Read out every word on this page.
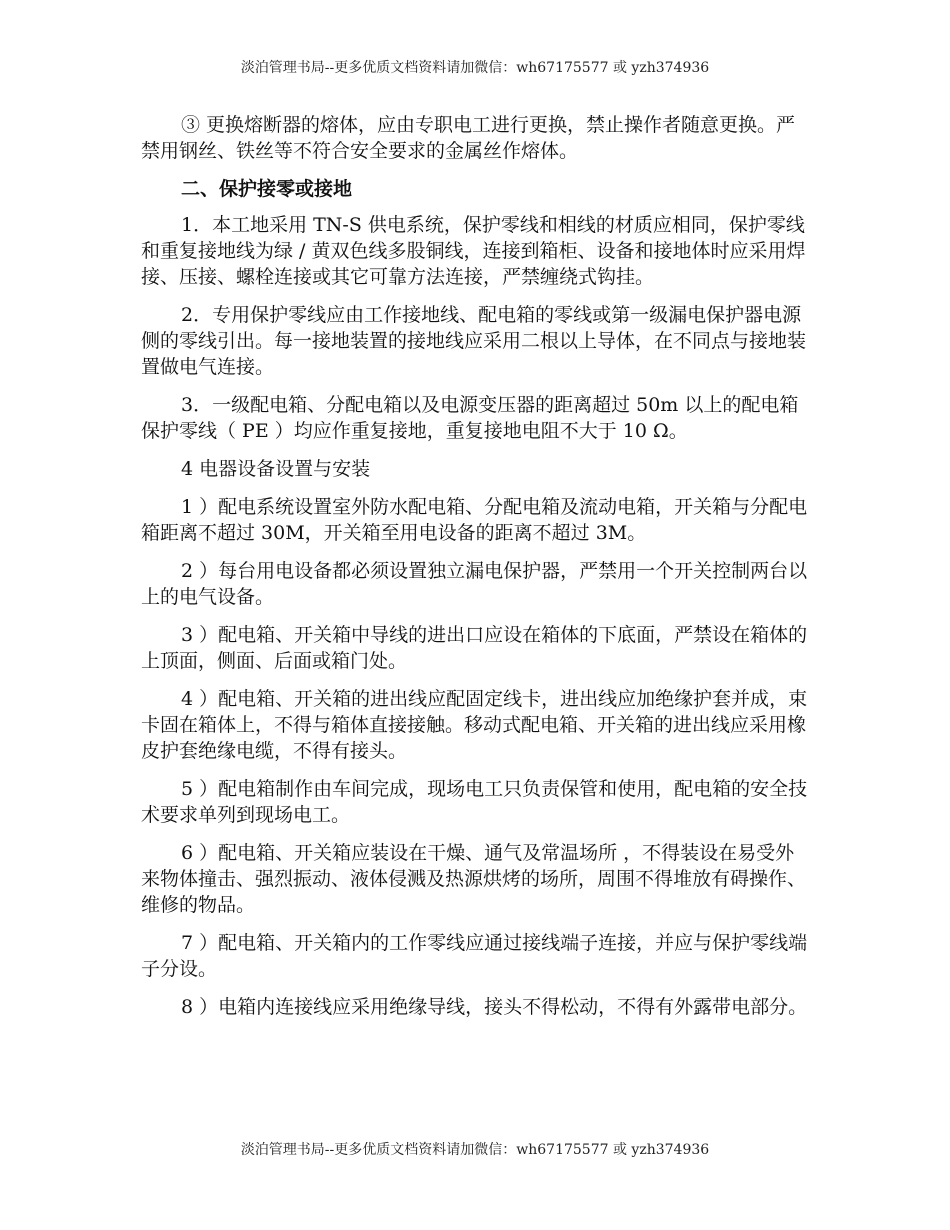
淡泊管理书局--更多优质文档资料请加微信：wh67175577 或 yzh374936

③ 更换熔断器的熔体，应由专职电工进行更换，禁止操作者随意更换。严禁用钢丝、铁丝等不符合安全要求的金属丝作熔体。

二、保护接零或接地

1．本工地采用 TN-S 供电系统，保护零线和相线的材质应相同，保护零线和重复接地线为绿 / 黄双色线多股铜线，连接到箱柜、设备和接地体时应采用焊接、压接、螺栓连接或其它可靠方法连接，严禁缠绕式钩挂。

2．专用保护零线应由工作接地线、配电箱的零线或第一级漏电保护器电源侧的零线引出。每一接地装置的接地线应采用二根以上导体，在不同点与接地装置做电气连接。

3．一级配电箱、分配电箱以及电源变压器的距离超过 50m 以上的配电箱保护零线（ PE ）均应作重复接地，重复接地电阻不大于 10 Ω。

4 电器设备设置与安装

1 ）配电系统设置室外防水配电箱、分配电箱及流动电箱，开关箱与分配电箱距离不超过 30M，开关箱至用电设备的距离不超过 3M。

2 ）每台用电设备都必须设置独立漏电保护器，严禁用一个开关控制两台以上的电气设备。

3 ）配电箱、开关箱中导线的进出口应设在箱体的下底面，严禁设在箱体的上顶面，侧面、后面或箱门处。

4 ）配电箱、开关箱的进出线应配固定线卡，进出线应加绝缘护套并成，束卡固在箱体上，不得与箱体直接接触。移动式配电箱、开关箱的进出线应采用橡皮护套绝缘电缆，不得有接头。

5 ）配电箱制作由车间完成，现场电工只负责保管和使用，配电箱的安全技术要求单列到现场电工。

6 ）配电箱、开关箱应装设在干燥、通气及常温场所 ，不得装设在易受外来物体撞击、强烈振动、液体侵溅及热源烘烤的场所，周围不得堆放有碍操作、维修的物品。

7 ）配电箱、开关箱内的工作零线应通过接线端子连接，并应与保护零线端子分设。

8 ）电箱内连接线应采用绝缘导线，接头不得松动，不得有外露带电部分。

淡泊管理书局--更多优质文档资料请加微信：wh67175577 或 yzh374936
